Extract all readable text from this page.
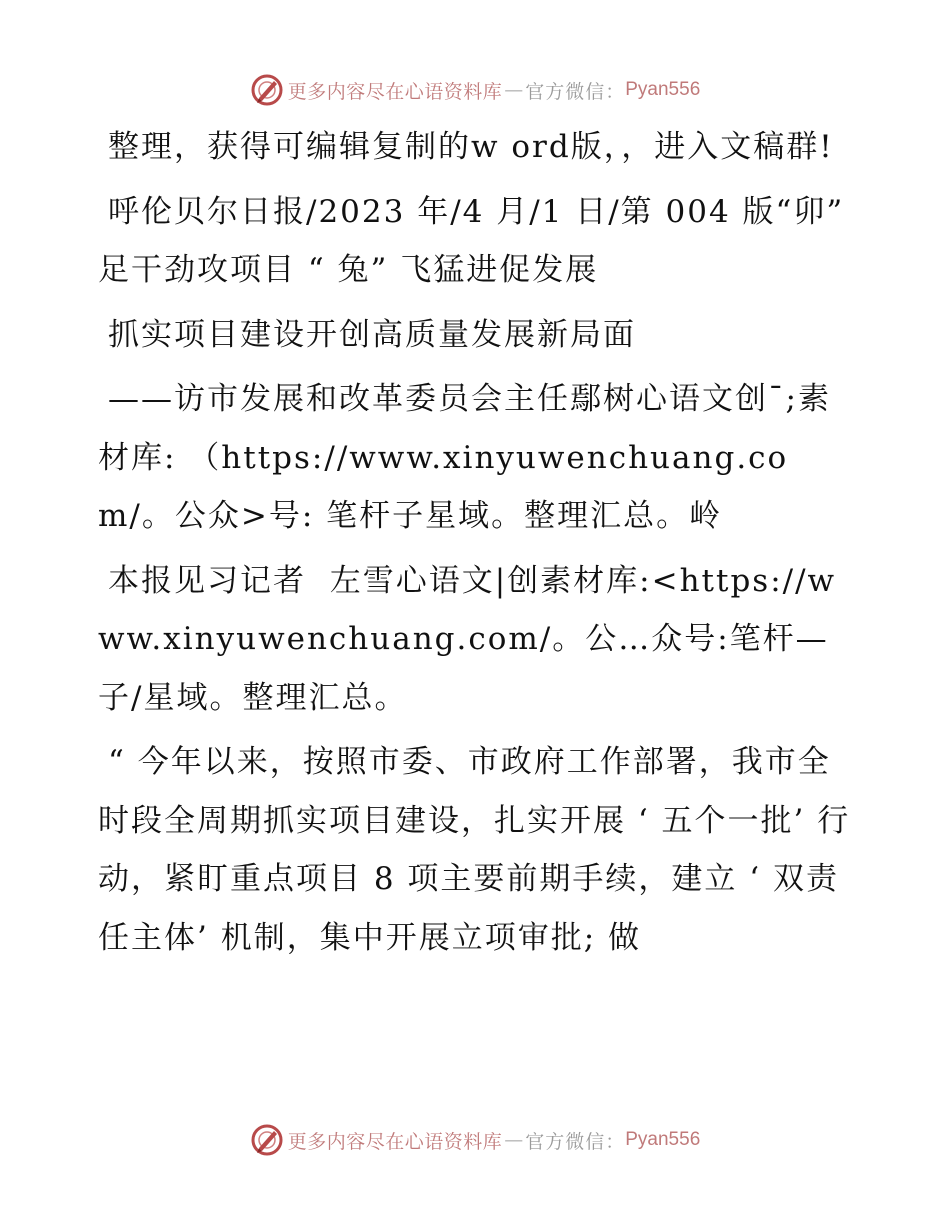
更多内容尽在心语资料库 — 官方微信： Pyan556

整理，获得可编辑复制的w ord版，，进入文稿群!

呼伦贝尔日报/2023 年/4 月/1 日/第 004 版“卯” 足干劲攻项目 “ 兔” 飞猛进促发展

抓实项目建设开创高质量发展新局面

——访市发展和改革委员会主任鄢树心语文创¯;素材库: （https://www.xinyuwenchuang.com/。公众>号: 笔杆子星域。整理汇总。岭

本报见习记者  左雪心语文|创素材库:<https://www.xinyuwenchuang.com/。公…众号:笔杆—子/星域。整理汇总。

“ 今年以来，按照市委、市政府工作部署，我市全时段全周期抓实项目建设，扎实开展 ‘ 五个一批’ 行动，紧盯重点项目 8 项主要前期手续，建立 ‘ 双责任主体’ 机制，集中开展立项审批; 做

更多内容尽在心语资料库 — 官方微信： Pyan556
